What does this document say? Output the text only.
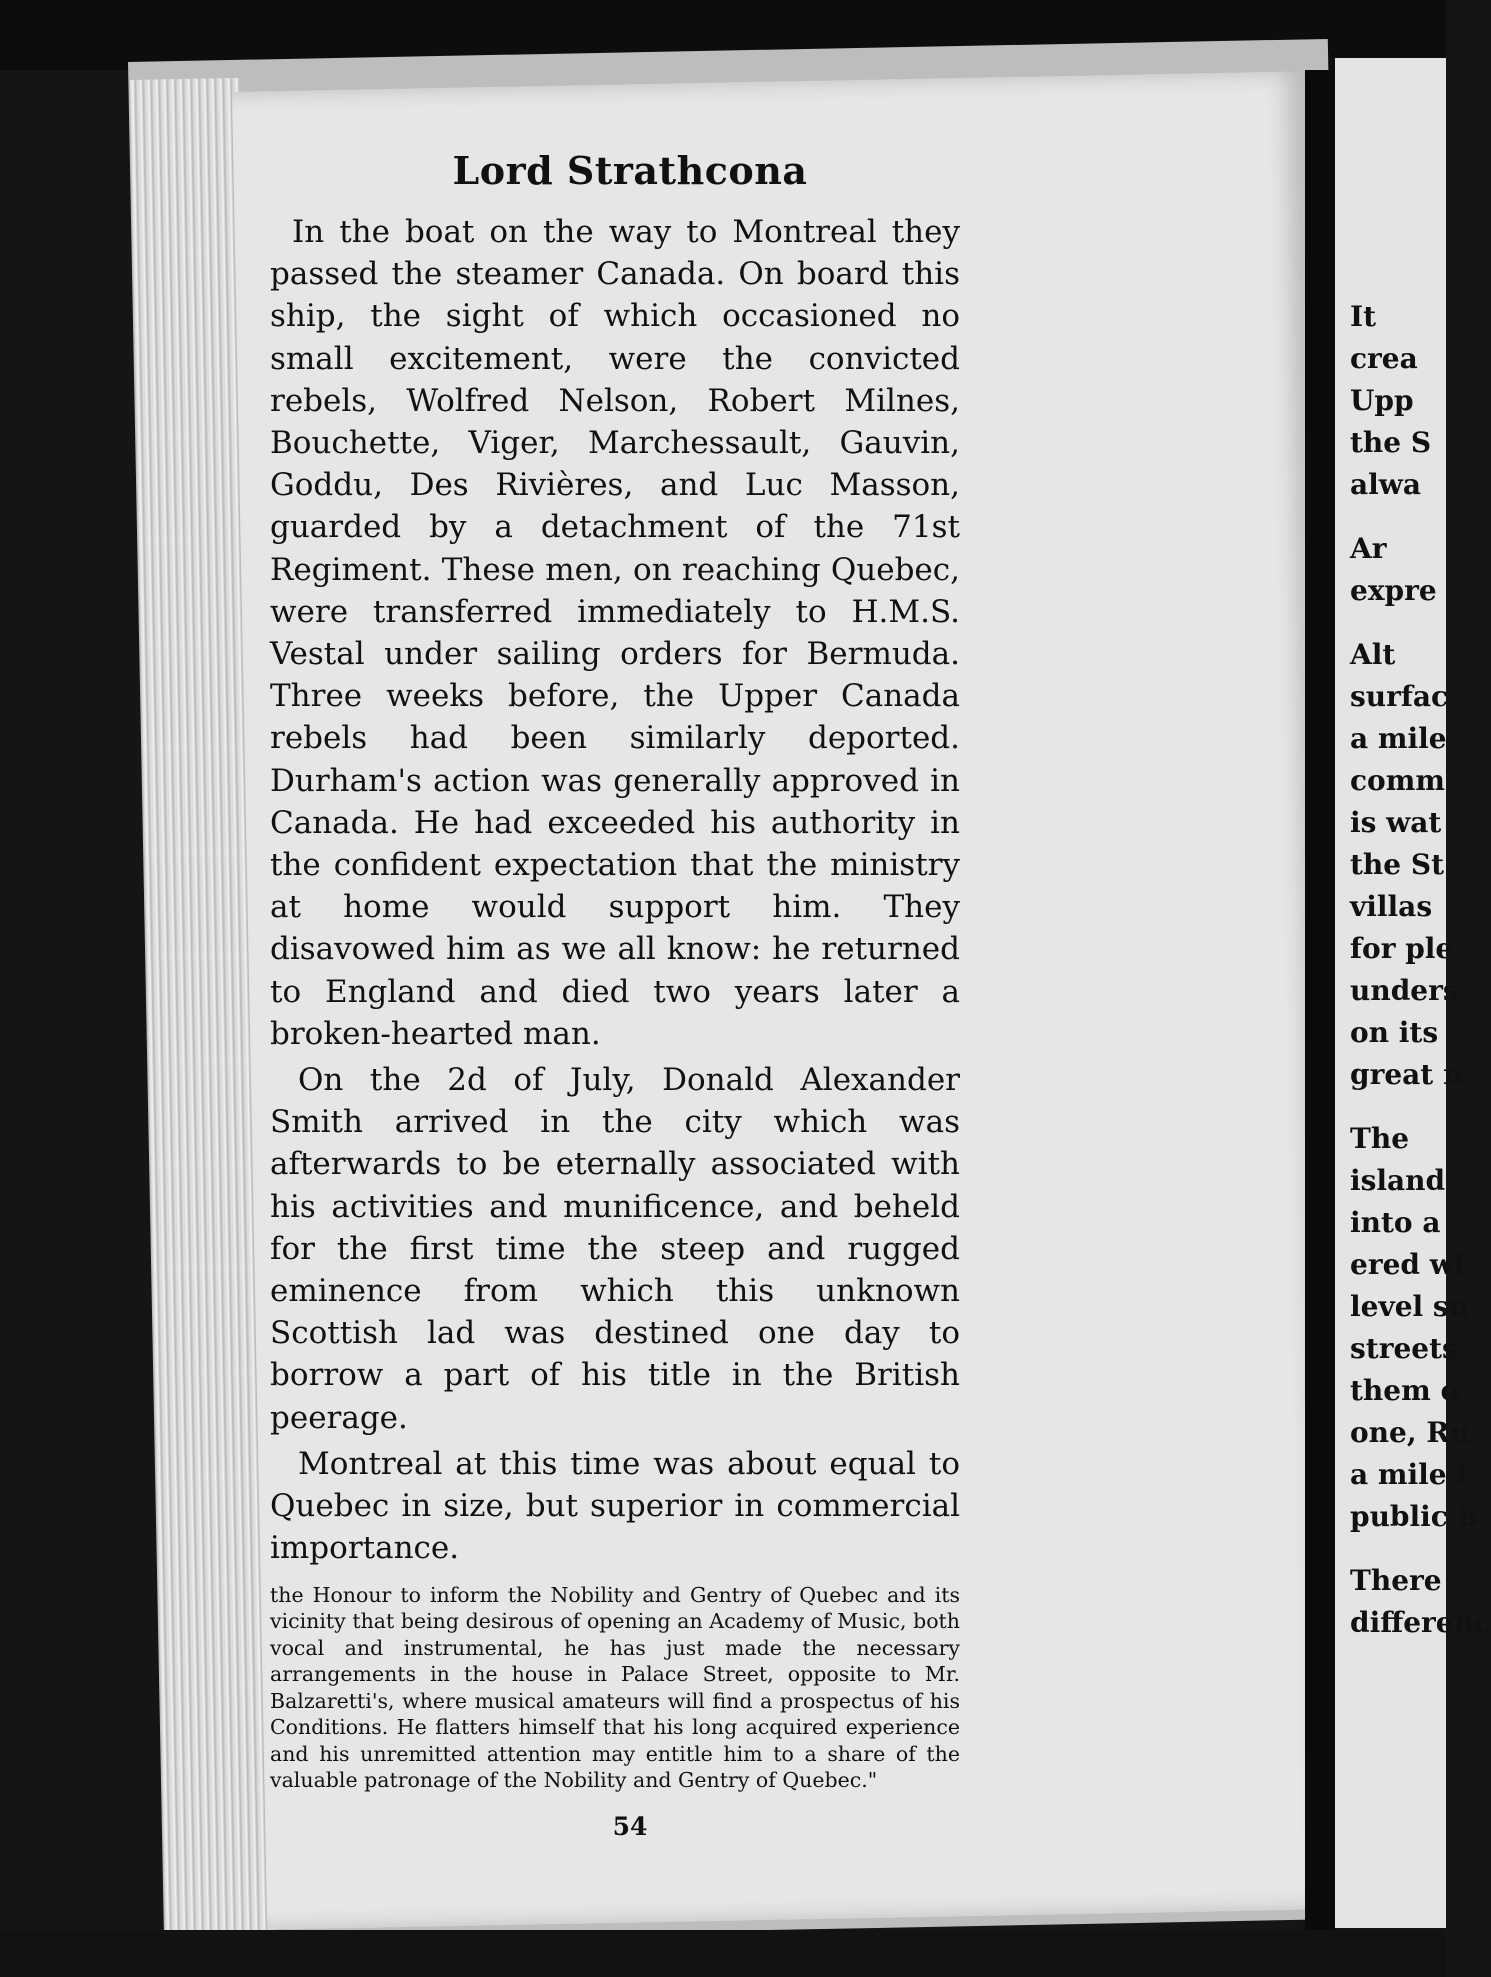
Lord Strathcona

In the boat on the way to Montreal they passed the steamer Canada. On board this ship, the sight of which occasioned no small excitement, were the convicted rebels, Wolfred Nelson, Robert Milnes, Bouchette, Viger, Marchessault, Gauvin, Goddu, Des Rivières, and Luc Masson, guarded by a detachment of the 71st Regiment. These men, on reaching Quebec, were transferred immediately to H.M.S. Vestal under sailing orders for Bermuda. Three weeks before, the Upper Canada rebels had been similarly deported. Durham's action was generally approved in Canada. He had exceeded his authority in the confident expectation that the ministry at home would support him. They disavowed him as we all know: he returned to England and died two years later a broken-hearted man.

On the 2d of July, Donald Alexander Smith arrived in the city which was afterwards to be eternally associated with his activities and munificence, and beheld for the first time the steep and rugged eminence from which this unknown Scottish lad was destined one day to borrow a part of his title in the British peerage.

Montreal at this time was about equal to Quebec in size, but superior in commercial importance.

the Honour to inform the Nobility and Gentry of Quebec and its vicinity that being desirous of opening an Academy of Music, both vocal and instrumental, he has just made the necessary arrangements in the house in Palace Street, opposite to Mr. Balzaretti's, where musical amateurs will find a prospectus of his Conditions. He flatters himself that his long acquired experience and his unremitted attention may entitle him to a share of the valuable patronage of the Nobility and Gentry of Quebec."

54
It
crea
Upp
the S
alwa
Ar
expre
Alt
surfac
a mile
comm
is wat
the St
villas
for ple
unders
on its
great n
The
island
into a
ered wi
level su
streets
them o
one, Ru
a mile i
public b
There
differenc
